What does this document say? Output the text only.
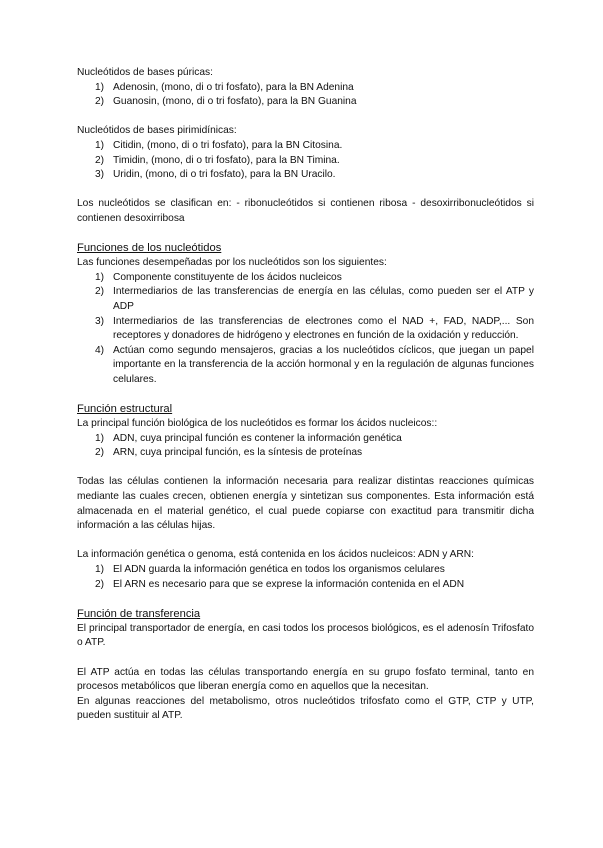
Nucleótidos de bases púricas:

1) Adenosin, (mono, di o tri fosfato), para la BN Adenina
2) Guanosin, (mono, di o tri fosfato), para la BN Guanina

Nucleótidos de bases pirimidínicas:

1) Citidin, (mono, di o tri fosfato), para la BN Citosina.
2) Timidin, (mono, di o tri fosfato), para la BN Timina.
3) Uridin, (mono, di o tri fosfato), para la BN Uracilo.

Los nucleótidos se clasifican en: - ribonucleótidos si contienen ribosa - desoxirribonucleótidos si contienen desoxirribosa

Funciones de los nucleótidos

Las funciones desempeñadas por los nucleótidos son los siguientes:

1) Componente constituyente de los ácidos nucleicos
2) Intermediarios de las transferencias de energía en las células, como pueden ser el ATP y ADP
3) Intermediarios de las transferencias de electrones como el NAD +, FAD, NADP,... Son receptores y donadores de hidrógeno y electrones en función de la oxidación y reducción.
4) Actúan como segundo mensajeros, gracias a los nucleótidos cíclicos, que juegan un papel importante en la transferencia de la acción hormonal y en la regulación de algunas funciones celulares.

Función estructural

La principal función biológica de los nucleótidos es formar los ácidos nucleicos::

1) ADN, cuya principal función es contener la información genética
2) ARN, cuya principal función, es la síntesis de proteínas

Todas las células contienen la información necesaria para realizar distintas reacciones químicas mediante las cuales crecen, obtienen energía y sintetizan sus componentes. Esta información está almacenada en el material genético, el cual puede copiarse con exactitud para transmitir dicha información a las células hijas.

La información genética o genoma, está contenida en los ácidos nucleicos: ADN y ARN:

1) El ADN guarda la información genética en todos los organismos celulares
2) El ARN es necesario para que se exprese la información contenida en el ADN

Función de transferencia

El principal transportador de energía, en casi todos los procesos biológicos, es el adenosín Trifosfato o ATP.

El ATP actúa en todas las células transportando energía en su grupo fosfato terminal, tanto en procesos metabólicos que liberan energía como en aquellos que la necesitan.

En algunas reacciones del metabolismo, otros nucleótidos trifosfato como el GTP, CTP y UTP, pueden sustituir al ATP.
